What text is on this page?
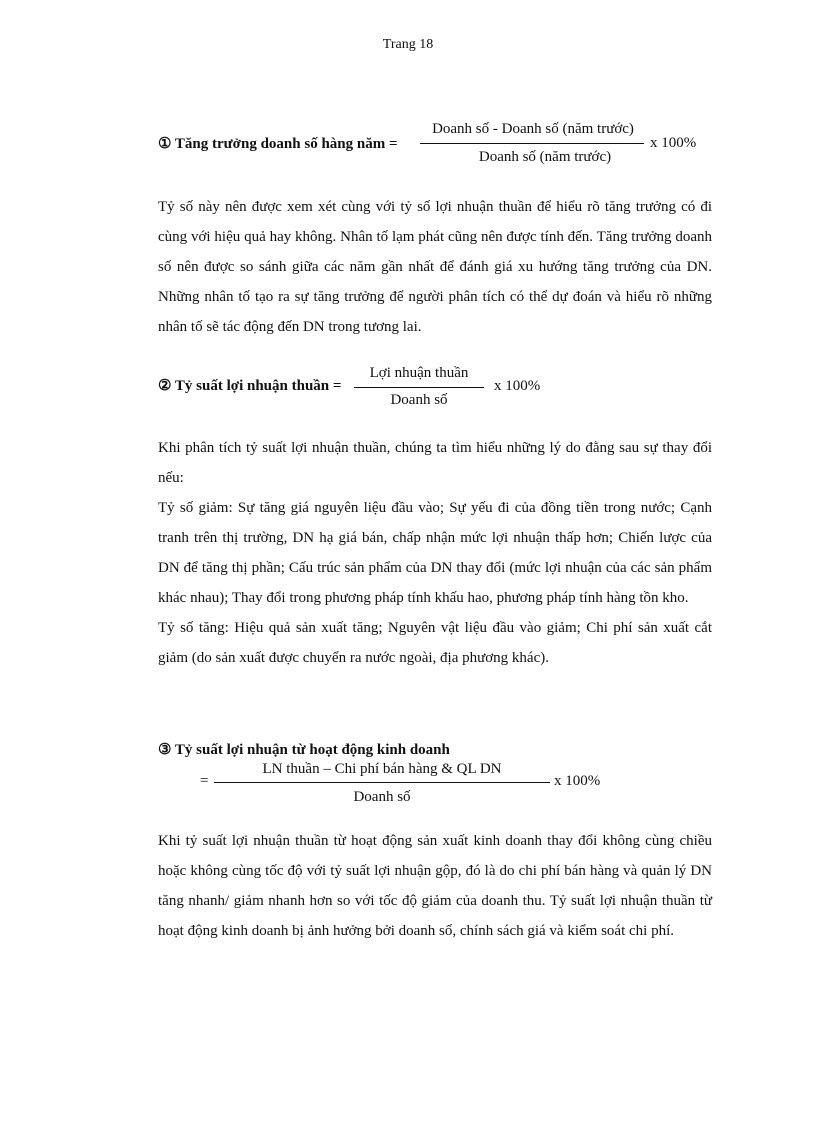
Trang 18
① Tăng trưởng doanh số hàng năm =
Doanh số - Doanh số (năm trước)
Doanh số (năm trước)
x 100%

Tỷ số này nên được xem xét cùng với tỷ số lợi nhuận thuần để hiểu rõ tăng trưởng có đi cùng với hiệu quả hay không. Nhân tố lạm phát cũng nên được tính đến. Tăng trưởng doanh số nên được so sánh giữa các năm gần nhất để đánh giá xu hướng tăng trưởng của DN. Những nhân tố tạo ra sự tăng trưởng để người phân tích có thể dự đoán và hiểu rõ những nhân tố sẽ tác động đến DN trong tương lai.

② Tỷ suất lợi nhuận thuần =
Lợi nhuận thuần
Doanh số
x 100%

Khi phân tích tỷ suất lợi nhuận thuần, chúng ta tìm hiểu những lý do đằng sau sự thay đổi nếu:

Tỷ số giảm: Sự tăng giá nguyên liệu đầu vào; Sự yếu đi của đồng tiền trong nước; Cạnh tranh trên thị trường, DN hạ giá bán, chấp nhận mức lợi nhuận thấp hơn; Chiến lược của DN để tăng thị phần; Cấu trúc sản phẩm của DN thay đổi (mức lợi nhuận của các sản phẩm khác nhau); Thay đổi trong phương pháp tính khấu hao, phương pháp tính hàng tồn kho.

Tỷ số tăng: Hiệu quả sản xuất tăng; Nguyên vật liệu đầu vào giảm; Chi phí sản xuất cắt giảm (do sản xuất được chuyển ra nước ngoài, địa phương khác).

③ Tỷ suất lợi nhuận từ hoạt động kinh doanh
=
LN thuần – Chi phí bán hàng & QL DN
Doanh số
x 100%

Khi tỷ suất lợi nhuận thuần từ hoạt động sản xuất kinh doanh thay đổi không cùng chiều hoặc không cùng tốc độ với tỷ suất lợi nhuận gộp, đó là do chi phí bán hàng và quản lý DN tăng nhanh/ giảm nhanh hơn so với tốc độ giảm của doanh thu. Tỷ suất lợi nhuận thuần từ hoạt động kinh doanh bị ảnh hưởng bởi doanh số, chính sách giá và kiểm soát chi phí.
